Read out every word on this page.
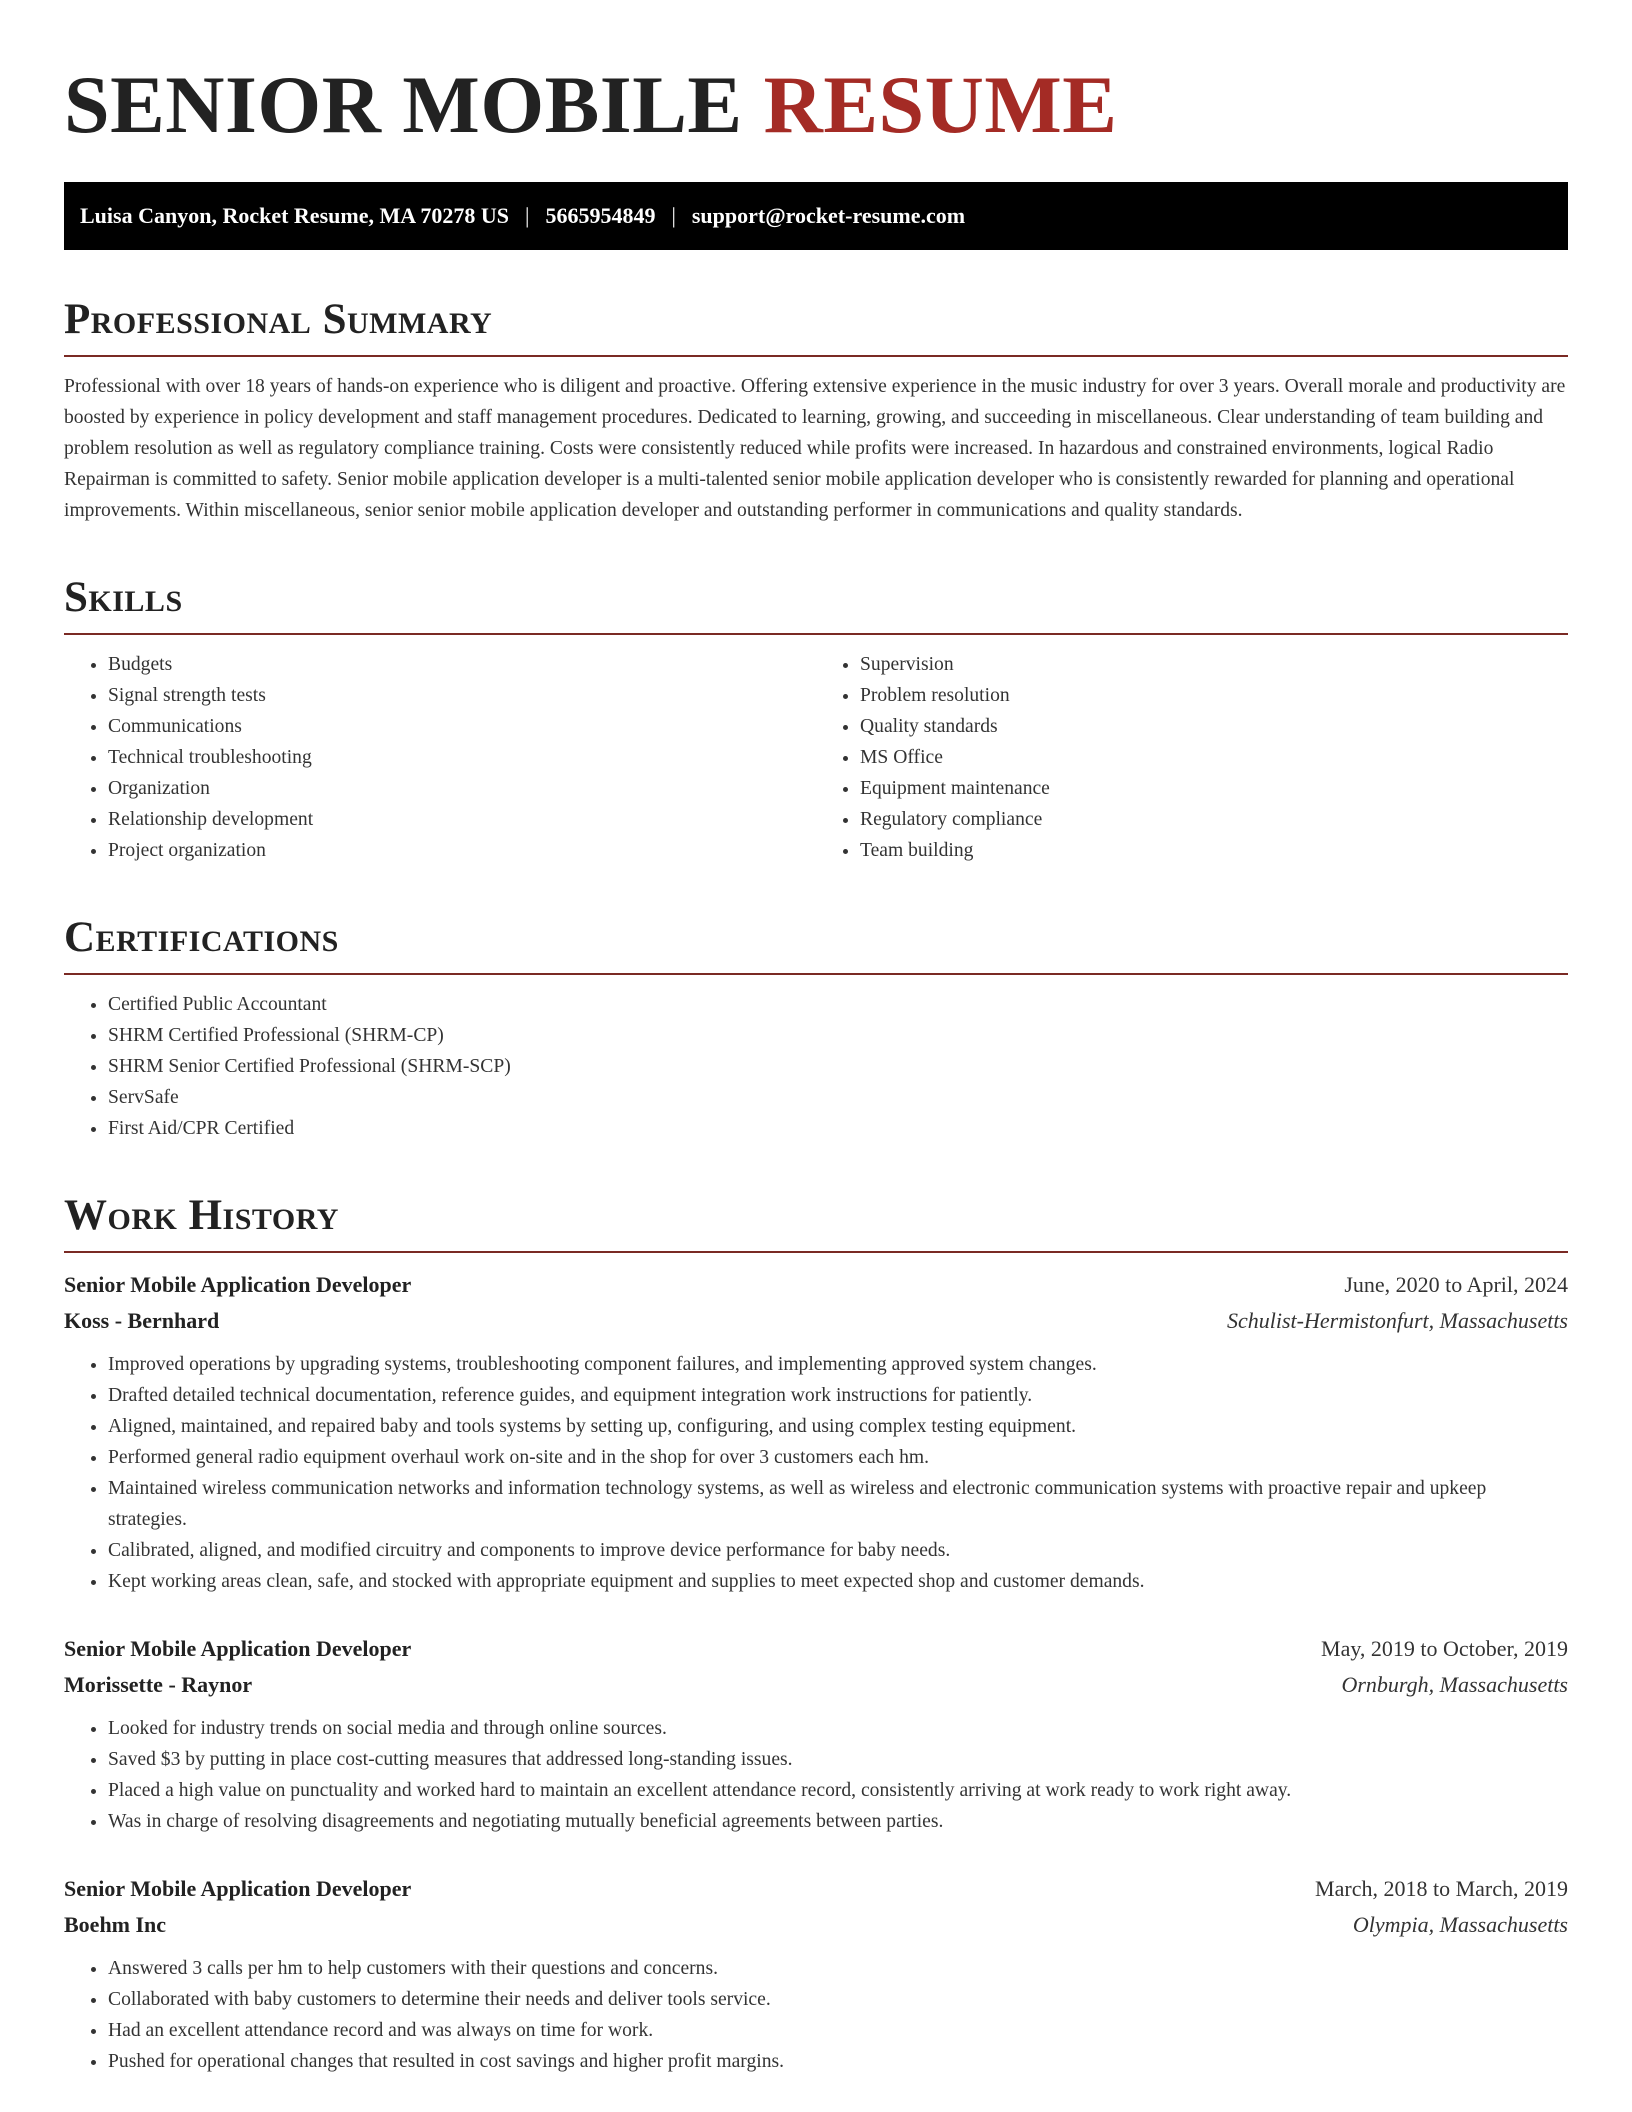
SENIOR MOBILE RESUME
Luisa Canyon, Rocket Resume, MA 70278 US | 5665954849 | support@rocket-resume.com
Professional Summary

Professional with over 18 years of hands-on experience who is diligent and proactive. Offering extensive experience in the music industry for over 3 years. Overall morale and productivity are boosted by experience in policy development and staff management procedures. Dedicated to learning, growing, and succeeding in miscellaneous. Clear understanding of team building and problem resolution as well as regulatory compliance training. Costs were consistently reduced while profits were increased. In hazardous and constrained environments, logical Radio Repairman is committed to safety. Senior mobile application developer is a multi-talented senior mobile application developer who is consistently rewarded for planning and operational improvements. Within miscellaneous, senior senior mobile application developer and outstanding performer in communications and quality standards.

Skills
• Budgets
• Signal strength tests
• Communications
• Technical troubleshooting
• Organization
• Relationship development
• Project organization
• Supervision
• Problem resolution
• Quality standards
• MS Office
• Equipment maintenance
• Regulatory compliance
• Team building
Certifications
• Certified Public Accountant
• SHRM Certified Professional (SHRM-CP)
• SHRM Senior Certified Professional (SHRM-SCP)
• ServSafe
• First Aid/CPR Certified
Work History
Senior Mobile Application Developer	June, 2020 to April, 2024
Koss - Bernhard	Schulist-Hermistonfurt, Massachusetts
• Improved operations by upgrading systems, troubleshooting component failures, and implementing approved system changes.
• Drafted detailed technical documentation, reference guides, and equipment integration work instructions for patiently.
• Aligned, maintained, and repaired baby and tools systems by setting up, configuring, and using complex testing equipment.
• Performed general radio equipment overhaul work on-site and in the shop for over 3 customers each hm.
• Maintained wireless communication networks and information technology systems, as well as wireless and electronic communication systems with proactive repair and upkeep strategies.
• Calibrated, aligned, and modified circuitry and components to improve device performance for baby needs.
• Kept working areas clean, safe, and stocked with appropriate equipment and supplies to meet expected shop and customer demands.
Senior Mobile Application Developer	May, 2019 to October, 2019
Morissette - Raynor	Ornburgh, Massachusetts
• Looked for industry trends on social media and through online sources.
• Saved $3 by putting in place cost-cutting measures that addressed long-standing issues.
• Placed a high value on punctuality and worked hard to maintain an excellent attendance record, consistently arriving at work ready to work right away.
• Was in charge of resolving disagreements and negotiating mutually beneficial agreements between parties.
Senior Mobile Application Developer	March, 2018 to March, 2019
Boehm Inc	Olympia, Massachusetts
• Answered 3 calls per hm to help customers with their questions and concerns.
• Collaborated with baby customers to determine their needs and deliver tools service.
• Had an excellent attendance record and was always on time for work.
• Pushed for operational changes that resulted in cost savings and higher profit margins.
